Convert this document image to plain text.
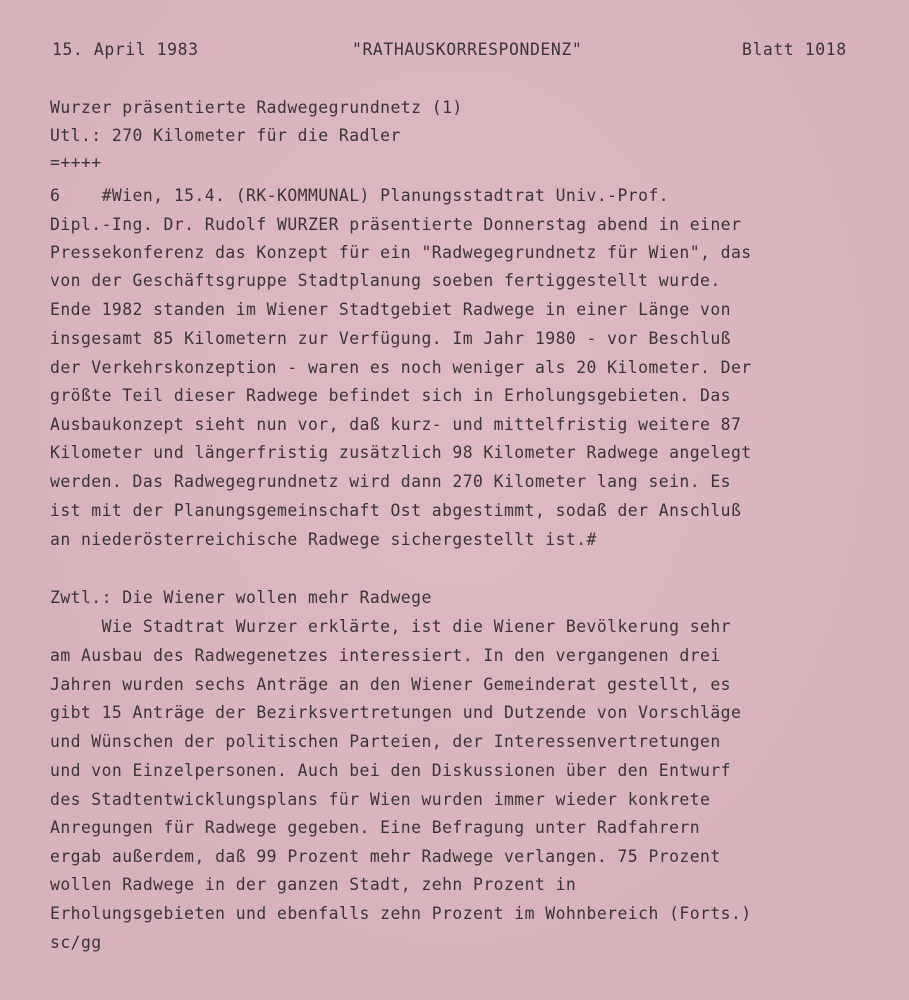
15. April 1983	"RATHAUSKORRESPONDENZ"	Blatt 1018
Wurzer präsentierte Radwegegrundnetz (1)
Utl.: 270 Kilometer für die Radler
=++++
6    #Wien, 15.4. (RK-KOMMUNAL) Planungsstadtrat Univ.-Prof.
Dipl.-Ing. Dr. Rudolf WURZER präsentierte Donnerstag abend in einer
Pressekonferenz das Konzept für ein "Radwegegrundnetz für Wien", das
von der Geschäftsgruppe Stadtplanung soeben fertiggestellt wurde.
Ende 1982 standen im Wiener Stadtgebiet Radwege in einer Länge von
insgesamt 85 Kilometern zur Verfügung. Im Jahr 1980 - vor Beschluß
der Verkehrskonzeption - waren es noch weniger als 20 Kilometer. Der
größte Teil dieser Radwege befindet sich in Erholungsgebieten. Das
Ausbaukonzept sieht nun vor, daß kurz- und mittelfristig weitere 87
Kilometer und längerfristig zusätzlich 98 Kilometer Radwege angelegt
werden. Das Radwegegrundnetz wird dann 270 Kilometer lang sein. Es
ist mit der Planungsgemeinschaft Ost abgestimmt, sodaß der Anschluß
an niederösterreichische Radwege sichergestellt ist.#
Zwtl.: Die Wiener wollen mehr Radwege
Wie Stadtrat Wurzer erklärte, ist die Wiener Bevölkerung sehr
am Ausbau des Radwegenetzes interessiert. In den vergangenen drei
Jahren wurden sechs Anträge an den Wiener Gemeinderat gestellt, es
gibt 15 Anträge der Bezirksvertretungen und Dutzende von Vorschläge
und Wünschen der politischen Parteien, der Interessenvertretungen
und von Einzelpersonen. Auch bei den Diskussionen über den Entwurf
des Stadtentwicklungsplans für Wien wurden immer wieder konkrete
Anregungen für Radwege gegeben. Eine Befragung unter Radfahrern
ergab außerdem, daß 99 Prozent mehr Radwege verlangen. 75 Prozent
wollen Radwege in der ganzen Stadt, zehn Prozent in
Erholungsgebieten und ebenfalls zehn Prozent im Wohnbereich (Forts.)
sc/gg
